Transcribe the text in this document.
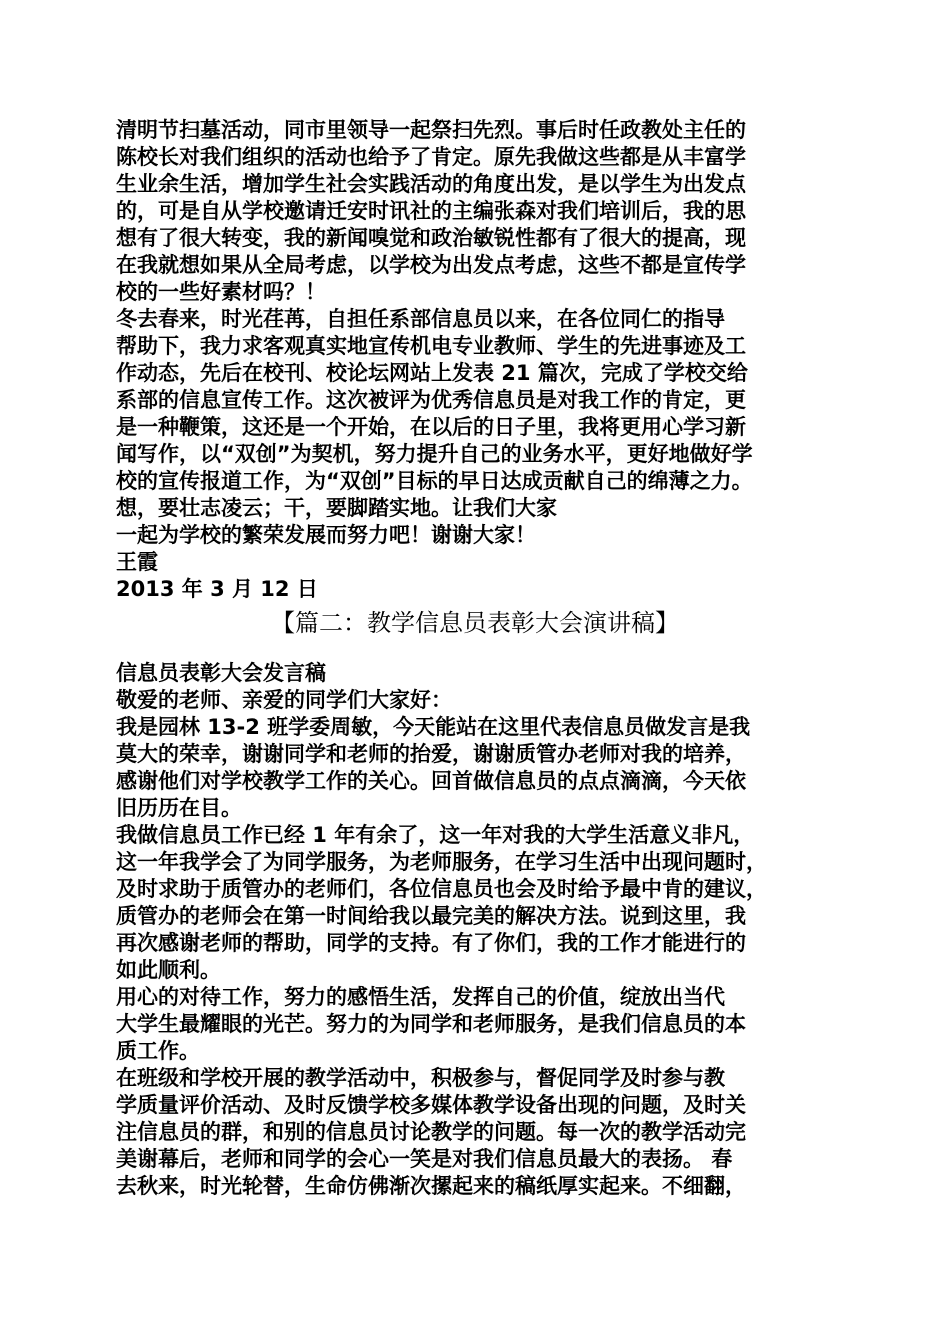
清明节扫墓活动，同市里领导一起祭扫先烈。事后时任政教处主任的
陈校长对我们组织的活动也给予了肯定。原先我做这些都是从丰富学
生业余生活，增加学生社会实践活动的角度出发，是以学生为出发点
的，可是自从学校邀请迁安时讯社的主编张森对我们培训后，我的思
想有了很大转变，我的新闻嗅觉和政治敏锐性都有了很大的提高，现
在我就想如果从全局考虑，以学校为出发点考虑，这些不都是宣传学
校的一些好素材吗？！
冬去春来，时光荏苒，自担任系部信息员以来，在各位同仁的指导
帮助下，我力求客观真实地宣传机电专业教师、学生的先进事迹及工
作动态，先后在校刊、校论坛网站上发表 21 篇次，完成了学校交给
系部的信息宣传工作。这次被评为优秀信息员是对我工作的肯定，更
是一种鞭策，这还是一个开始，在以后的日子里，我将更用心学习新
闻写作，以“双创”为契机，努力提升自己的业务水平，更好地做好学
校的宣传报道工作，为“双创”目标的早日达成贡献自己的绵薄之力。
想，要壮志凌云；干，要脚踏实地。让我们大家
一起为学校的繁荣发展而努力吧！谢谢大家！
王霞
2013 年 3 月 12 日
【篇二：教学信息员表彰大会演讲稿】
信息员表彰大会发言稿
敬爱的老师、亲爱的同学们大家好：
我是园林 13-2 班学委周敏，今天能站在这里代表信息员做发言是我
莫大的荣幸，谢谢同学和老师的抬爱，谢谢质管办老师对我的培养，
感谢他们对学校教学工作的关心。回首做信息员的点点滴滴，今天依
旧历历在目。
我做信息员工作已经 1 年有余了，这一年对我的大学生活意义非凡，
这一年我学会了为同学服务，为老师服务，在学习生活中出现问题时，
及时求助于质管办的老师们，各位信息员也会及时给予最中肯的建议，
质管办的老师会在第一时间给我以最完美的解决方法。说到这里，我
再次感谢老师的帮助，同学的支持。有了你们，我的工作才能进行的
如此顺利。
用心的对待工作，努力的感悟生活，发挥自己的价值，绽放出当代
大学生最耀眼的光芒。努力的为同学和老师服务，是我们信息员的本
质工作。
在班级和学校开展的教学活动中，积极参与，督促同学及时参与教
学质量评价活动、及时反馈学校多媒体教学设备出现的问题，及时关
注信息员的群，和别的信息员讨论教学的问题。每一次的教学活动完
美谢幕后，老师和同学的会心一笑是对我们信息员最大的表扬。 春
去秋来，时光轮替，生命仿佛渐次摞起来的稿纸厚实起来。不细翻，
